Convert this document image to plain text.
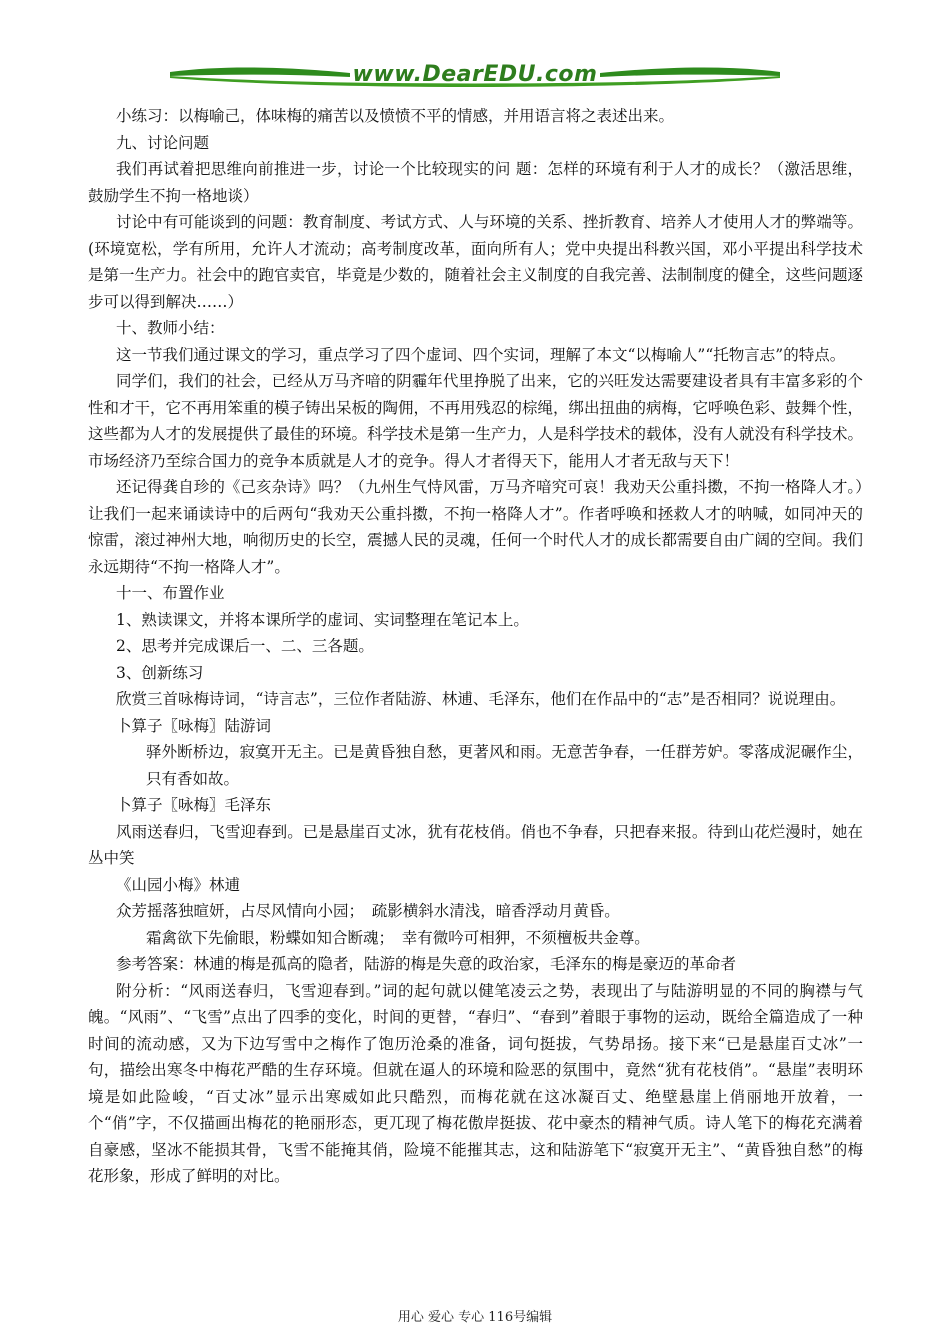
www.DearEDU.com

小练习：以梅喻己，体味梅的痛苦以及愤愤不平的情感，并用语言将之表述出来。

九、讨论问题

我们再试着把思维向前推进一步，讨论一个比较现实的问 题：怎样的环境有利于人才的成长？（激活思维，鼓励学生不拘一格地谈）

讨论中有可能谈到的问题：教育制度、考试方式、人与环境的关系、挫折教育、培养人才使用人才的弊端等。(环境宽松，学有所用，允许人才流动；高考制度改革，面向所有人；党中央提出科教兴国，邓小平提出科学技术是第一生产力。社会中的跑官卖官，毕竟是少数的，随着社会主义制度的自我完善、法制制度的健全，这些问题逐步可以得到解决……）

十、教师小结：

这一节我们通过课文的学习，重点学习了四个虚词、四个实词，理解了本文“以梅喻人”“托物言志”的特点。

同学们，我们的社会，已经从万马齐喑的阴霾年代里挣脱了出来，它的兴旺发达需要建设者具有丰富多彩的个性和才干，它不再用笨重的模子铸出呆板的陶佣，不再用残忍的棕绳，绑出扭曲的病梅，它呼唤色彩、鼓舞个性，这些都为人才的发展提供了最佳的环境。科学技术是第一生产力，人是科学技术的载体，没有人就没有科学技术。市场经济乃至综合国力的竞争本质就是人才的竞争。得人才者得天下，能用人才者无敌与天下！

还记得龚自珍的《己亥杂诗》吗？（九州生气恃风雷，万马齐喑究可哀！我劝天公重抖擞，不拘一格降人才。）让我们一起来诵读诗中的后两句“我劝天公重抖擞，不拘一格降人才”。作者呼唤和拯救人才的呐喊，如同冲天的惊雷，滚过神州大地，响彻历史的长空，震撼人民的灵魂，任何一个时代人才的成长都需要自由广阔的空间。我们永远期待“不拘一格降人才”。

十一、布置作业

1、熟读课文，并将本课所学的虚词、实词整理在笔记本上。

2、思考并完成课后一、二、三各题。

3、创新练习

欣赏三首咏梅诗词，“诗言志”，三位作者陆游、林逋、毛泽东，他们在作品中的“志”是否相同？说说理由。

卜算子〖咏梅〗陆游词

驿外断桥边，寂寞开无主。已是黄昏独自愁，更著风和雨。无意苦争春，一任群芳妒。零落成泥碾作尘，只有香如故。

卜算子〖咏梅〗毛泽东

风雨送春归，飞雪迎春到。已是悬崖百丈冰，犹有花枝俏。俏也不争春，只把春来报。待到山花烂漫时，她在丛中笑

《山园小梅》林逋

众芳摇落独暄妍，占尽风情向小园；　疏影横斜水清浅，暗香浮动月黄昏。

霜禽欲下先偷眼，粉蝶如知合断魂；　幸有微吟可相狎，不须檀板共金尊。

参考答案：林逋的梅是孤高的隐者，陆游的梅是失意的政治家，毛泽东的梅是豪迈的革命者

附分析：“风雨送春归，飞雪迎春到。”词的起句就以健笔凌云之势，表现出了与陆游明显的不同的胸襟与气魄。“风雨”、“飞雪”点出了四季的变化，时间的更替，“春归”、“春到”着眼于事物的运动，既给全篇造成了一种时间的流动感，又为下边写雪中之梅作了饱历沧桑的准备，词句挺拔，气势昂扬。接下来“已是悬崖百丈冰”一句，描绘出寒冬中梅花严酷的生存环境。但就在逼人的环境和险恶的氛围中，竟然“犹有花枝俏”。“悬崖”表明环境是如此险峻，“百丈冰”显示出寒威如此只酷烈，而梅花就在这冰凝百丈、绝壁悬崖上俏丽地开放着，一个“俏”字，不仅描画出梅花的艳丽形态，更兀现了梅花傲岸挺拔、花中豪杰的精神气质。诗人笔下的梅花充满着自豪感，坚冰不能损其骨，飞雪不能掩其俏，险境不能摧其志，这和陆游笔下“寂寞开无主”、“黄昏独自愁”的梅花形象，形成了鲜明的对比。

用心 爱心 专心 116号编辑
